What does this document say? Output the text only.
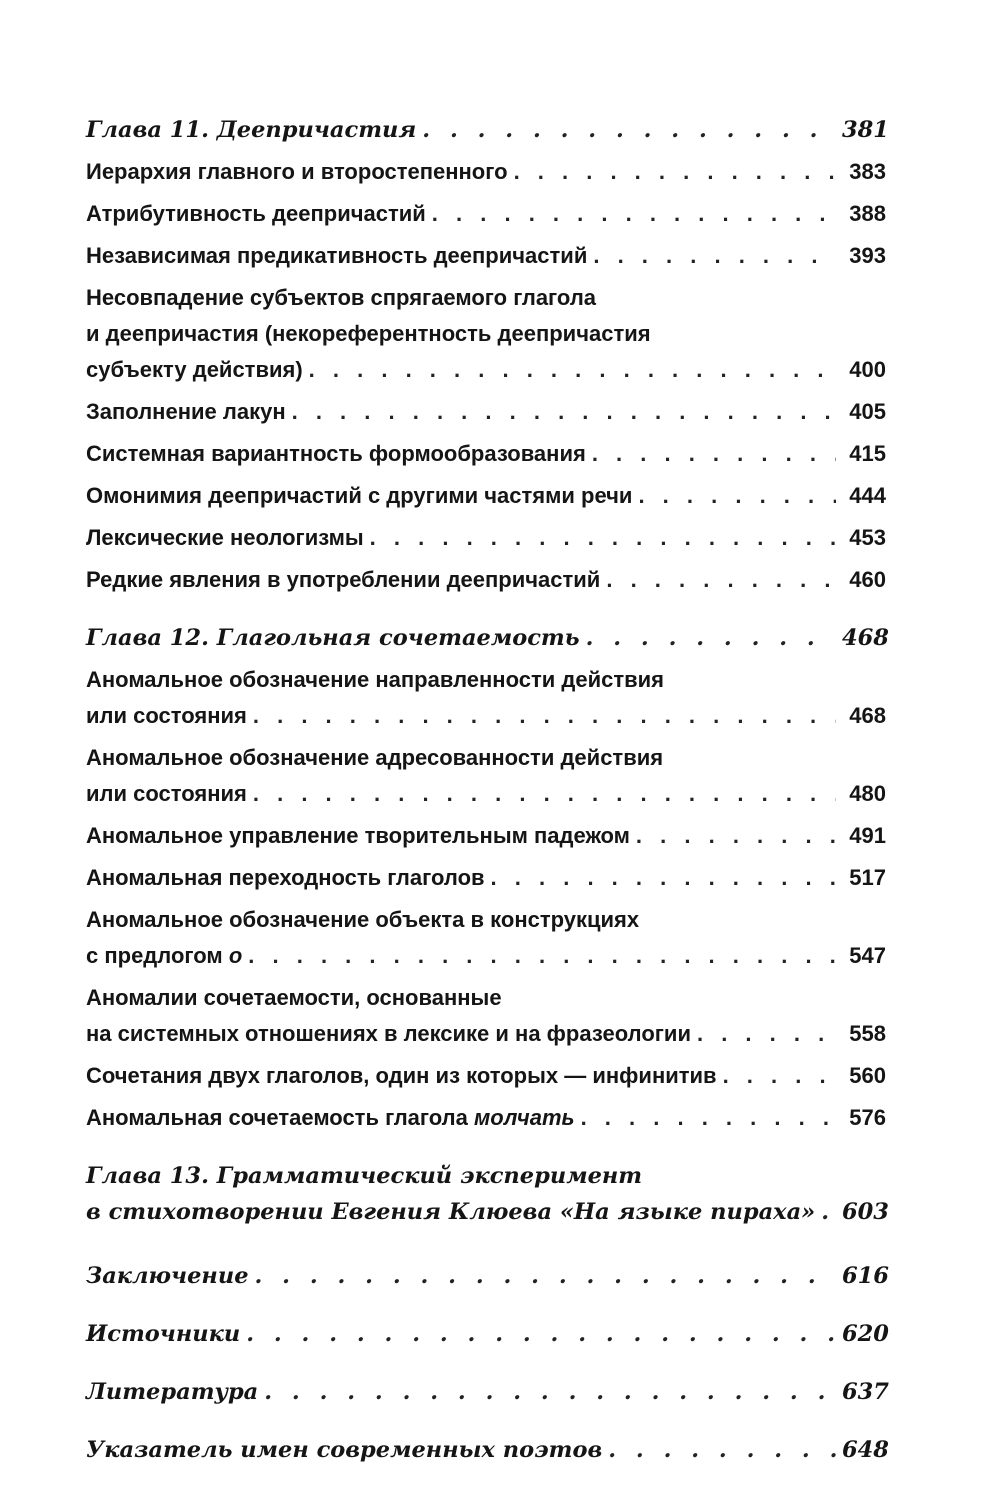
Глава 11. Деепричастия . . .	381
Иерархия главного и второстепенного . . .	383
Атрибутивность деепричастий . . .	388
Независимая предикативность деепричастий . . .	393
Несовпадение субъектов спрягаемого глагола
и деепричастия (некореферентность деепричастия
субъекту действия) . . .	400
Заполнение лакун . . .	405
Системная вариантность формообразования . . .	415
Омонимия деепричастий с другими частями речи . . .	444
Лексические неологизмы . . .	453
Редкие явления в употреблении деепричастий . . .	460
Глава 12. Глагольная сочетаемость . . .	468
Аномальное обозначение направленности действия
или состояния . . .	468
Аномальное обозначение адресованности действия
или состояния . . .	480
Аномальное управление творительным падежом . . .	491
Аномальная переходность глаголов . . .	517
Аномальное обозначение объекта в конструкциях
с предлогом о . . .	547
Аномалии сочетаемости, основанные
на системных отношениях в лексике и на фразеологии . . .	558
Сочетания двух глаголов, один из которых — инфинитив . . .	560
Аномальная сочетаемость глагола молчать . . .	576
Глава 13. Грамматический эксперимент
в стихотворении Евгения Клюева «На языке пираха» . . . 603
Заключение . . .	616
Источники . . .	620
Литература . . .	637
Указатель имен современных поэтов . . .	648
